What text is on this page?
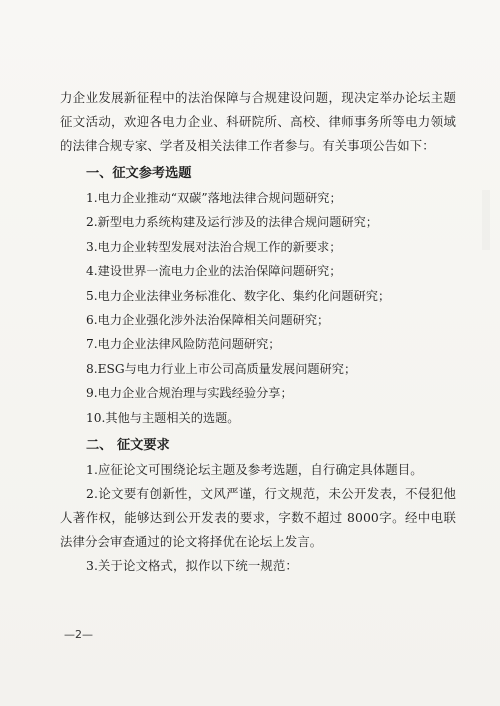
力企业发展新征程中的法治保障与合规建设问题，现决定举办论坛主题征文活动，欢迎各电力企业、科研院所、高校、律师事务所等电力领域的法律合规专家、学者及相关法律工作者参与。有关事项公告如下：

一、征文参考选题
1.电力企业推动“双碳”落地法律合规问题研究；
2.新型电力系统构建及运行涉及的法律合规问题研究；
3.电力企业转型发展对法治合规工作的新要求；
4.建设世界一流电力企业的法治保障问题研究；
5.电力企业法律业务标准化、数字化、集约化问题研究；
6.电力企业强化涉外法治保障相关问题研究；
7.电力企业法律风险防范问题研究；
8.ESG与电力行业上市公司高质量发展问题研究；
9.电力企业合规治理与实践经验分享；
10.其他与主题相关的选题。
二、 征文要求

1.应征论文可围绕论坛主题及参考选题，自行确定具体题目。

2.论文要有创新性，文风严谨，行文规范，未公开发表，不侵犯他人著作权，能够达到公开发表的要求，字数不超过 8000字。经中电联法律分会审查通过的论文将择优在论坛上发言。

3.关于论文格式，拟作以下统一规范：

—2—
